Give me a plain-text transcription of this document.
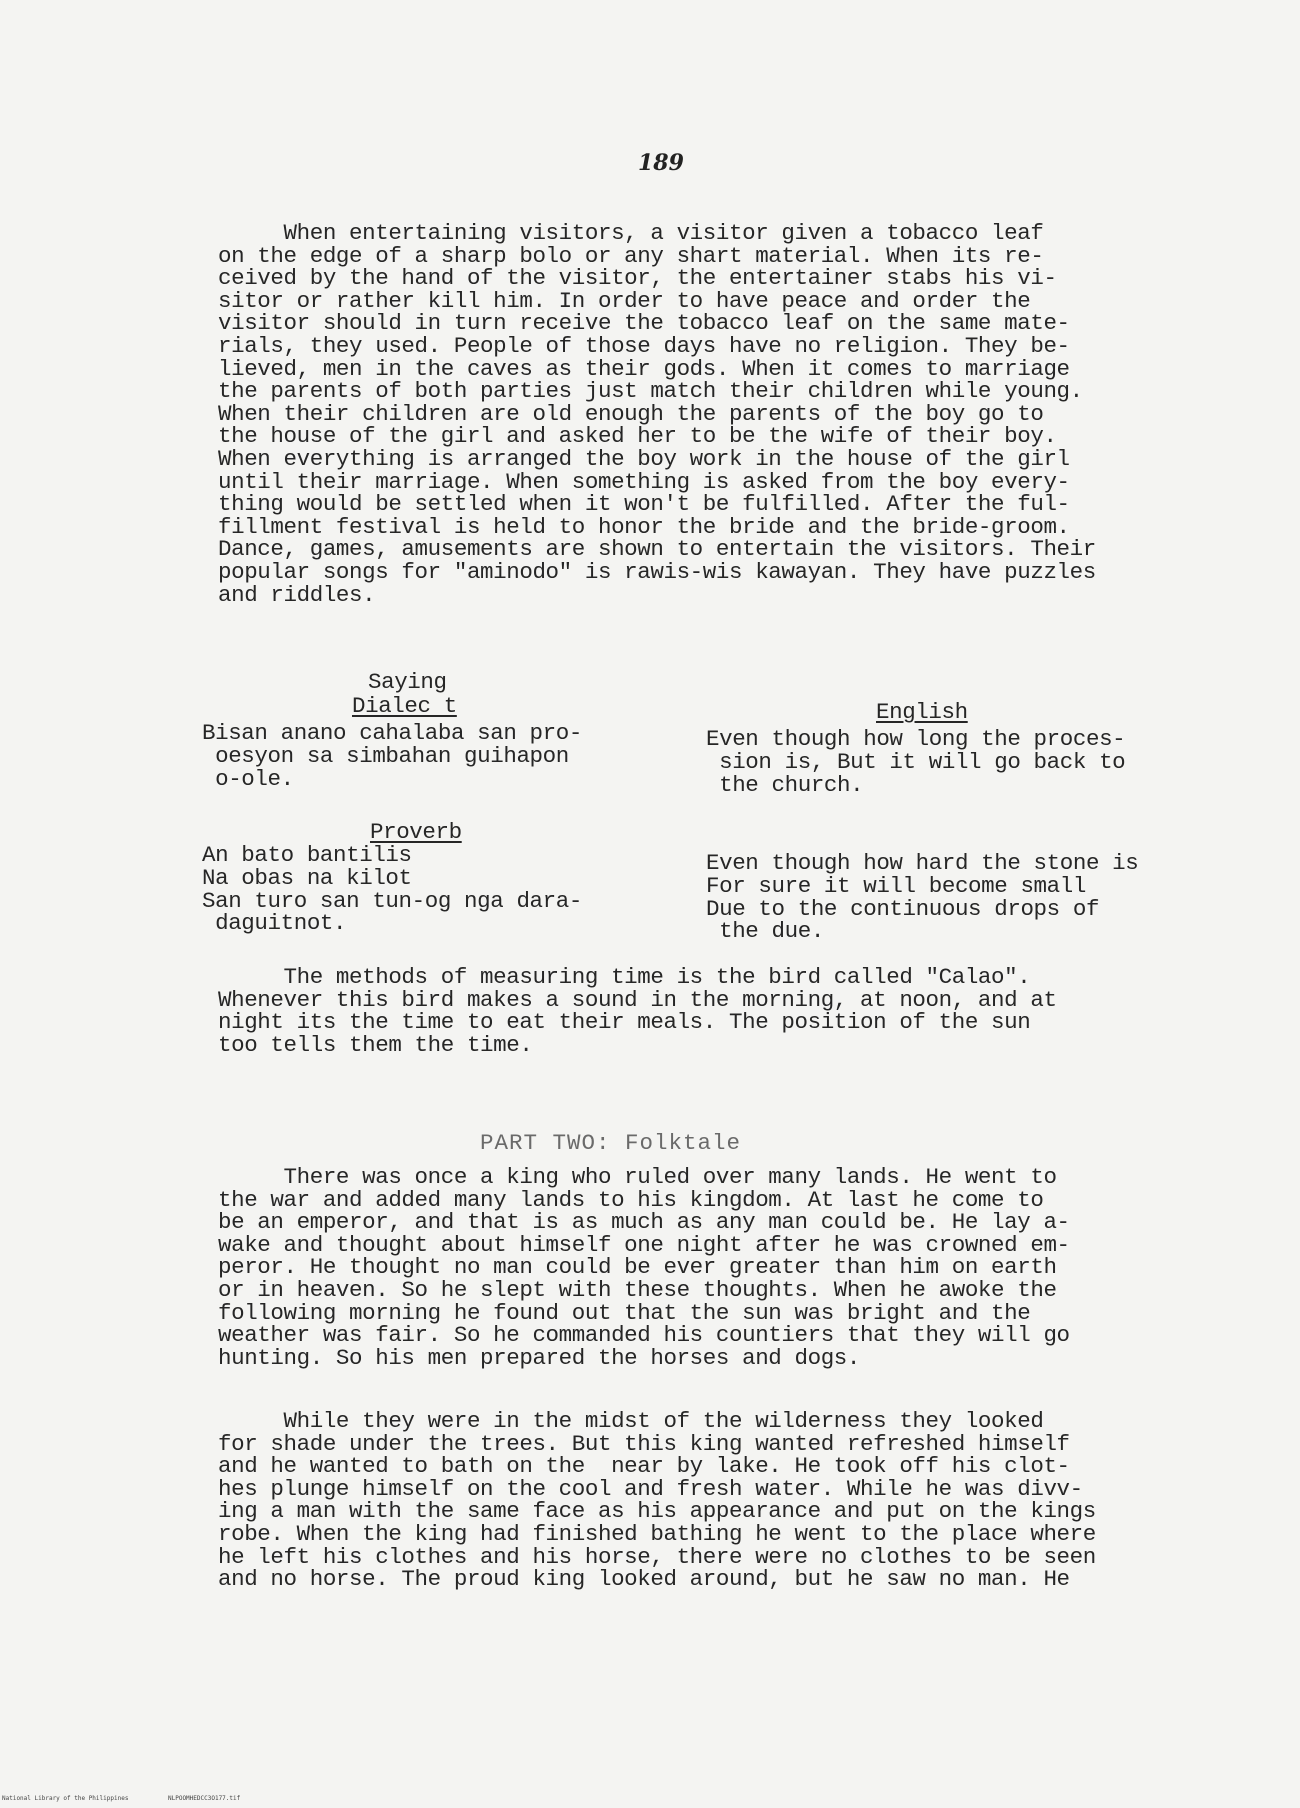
189

When entertaining visitors, a visitor given a tobacco leaf
on the edge of a sharp bolo or any shart material. When its re-
ceived by the hand of the visitor, the entertainer stabs his vi-
sitor or rather kill him. In order to have peace and order the
visitor should in turn receive the tobacco leaf on the same mate-
rials, they used. People of those days have no religion. They be-
lieved, men in the caves as their gods. When it comes to marriage
the parents of both parties just match their children while young.
When their children are old enough the parents of the boy go to
the house of the girl and asked her to be the wife of their boy.
When everything is arranged the boy work in the house of the girl
until their marriage. When something is asked from the boy every-
thing would be settled when it won't be fulfilled. After the ful-
fillment festival is held to honor the bride and the bride-groom.
Dance, games, amusements are shown to entertain the visitors. Their
popular songs for "aminodo" is rawis-wis kawayan. They have puzzles
and riddles.

Saying
Dialec t	English

Bisan anano cahalaba san pro-
oesyon sa simbahan guihapon
o-ole.

Even though how long the proces-
sion is, But it will go back to
the church.

Proverb

An bato bantilis
Na obas na kilot
San turo san tun-og nga dara-
daguitnot.

Even though how hard the stone is
For sure it will become small
Due to the continuous drops of
the due.

The methods of measuring time is the bird called "Calao".
Whenever this bird makes a sound in the morning, at noon, and at
night its the time to eat their meals. The position of the sun
too tells them the time.

PART TWO: Folktale

There was once a king who ruled over many lands. He went to
the war and added many lands to his kingdom. At last he come to
be an emperor, and that is as much as any man could be. He lay a-
wake and thought about himself one night after he was crowned em-
peror. He thought no man could be ever greater than him on earth
or in heaven. So he slept with these thoughts. When he awoke the
following morning he found out that the sun was bright and the
weather was fair. So he commanded his countiers that they will go
hunting. So his men prepared the horses and dogs.

While they were in the midst of the wilderness they looked
for shade under the trees. But this king wanted refreshed himself
and he wanted to bath on the  near by lake. He took off his clot-
hes plunge himself on the cool and fresh water. While he was divv-
ing a man with the same face as his appearance and put on the kings
robe. When the king had finished bathing he went to the place where
he left his clothes and his horse, there were no clothes to be seen
and no horse. The proud king looked around, but he saw no man. He

National Library of the Philippines	NLPOOMHEDCC3O177.tif
